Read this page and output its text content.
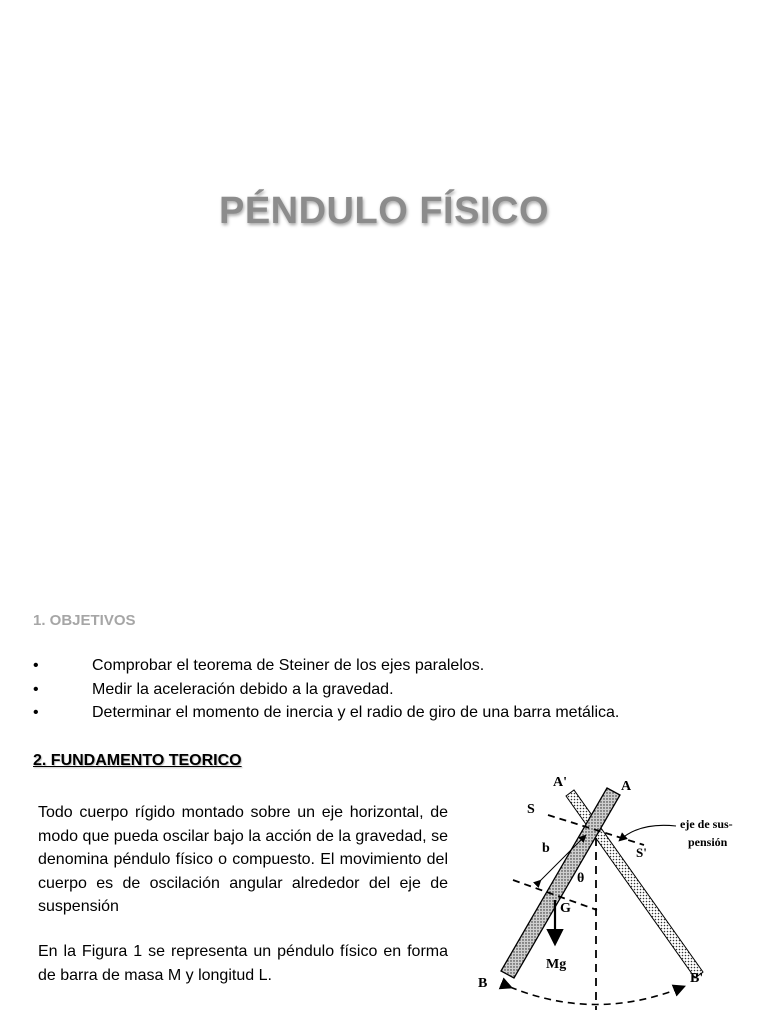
PÉNDULO FÍSICO
1. OBJETIVOS
•	Comprobar el teorema de Steiner de los ejes paralelos.
•	Medir la aceleración debido a la gravedad.
•	Determinar el momento de inercia y el radio de giro de una barra metálica.
2. FUNDAMENTO TEORICO

Todo cuerpo rígido montado sobre un eje horizontal, de modo que pueda oscilar bajo la acción de la gravedad, se denomina péndulo físico o compuesto. El movimiento del cuerpo es de oscilación angular alrededor del eje de suspensión

En la Figura 1 se representa un péndulo físico en forma de barra de masa M y longitud L.

A'	A
S
S'
b
θ
G
Mg
B	B'
eje de sus-
pensión
